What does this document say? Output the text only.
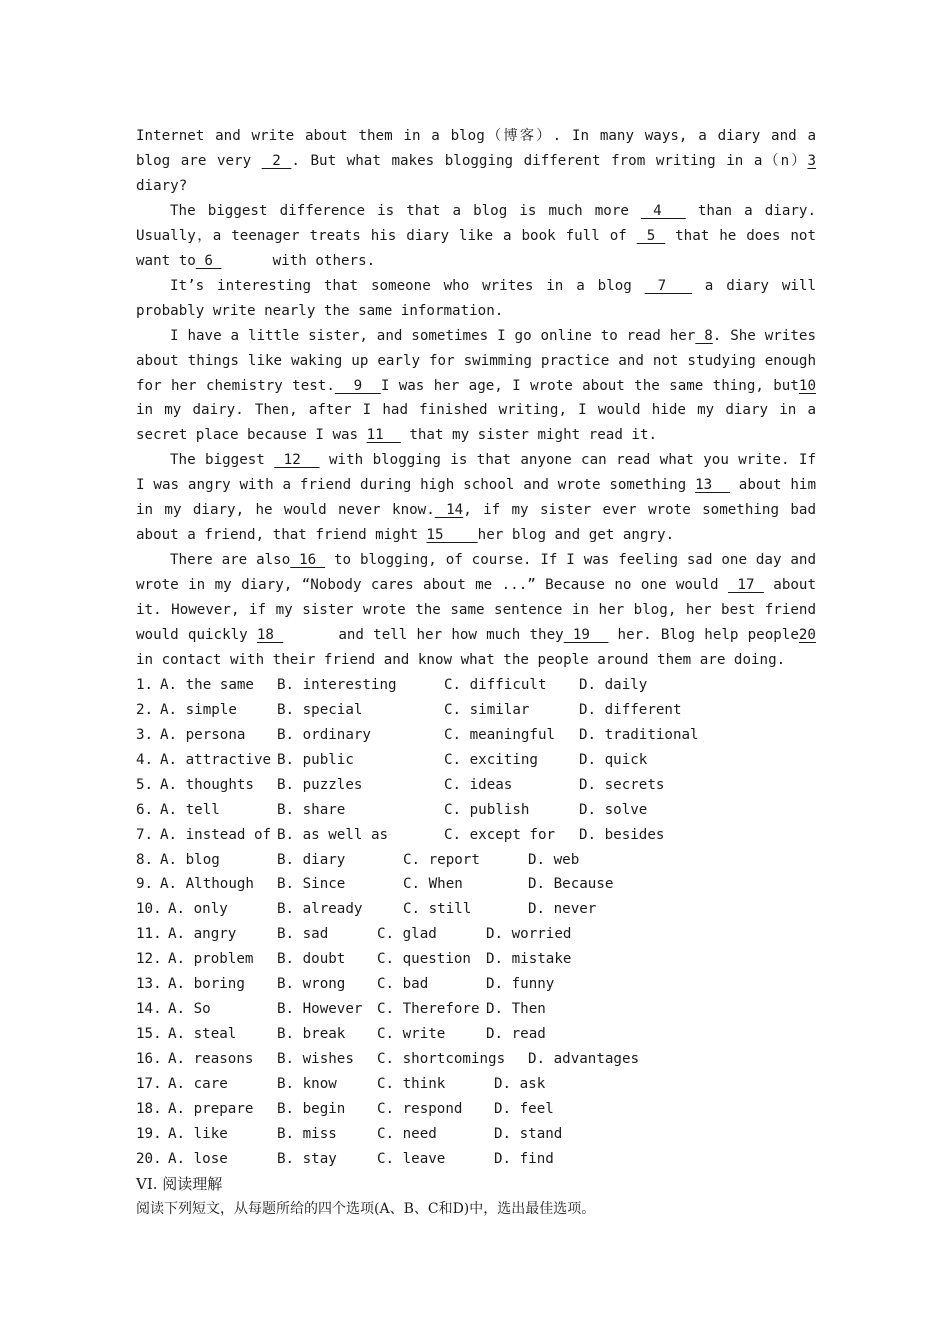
Internet and write about them in a blog（博客）. In many ways, a diary and a blog are very  2 . But what makes blogging different from writing in a（n）3 diary?

The biggest difference is that a blog is much more  4   than a diary. Usually，a teenager treats his diary like a book full of  5  that he does not want to 6       with others.

It’s interesting that someone who writes in a blog  7   a diary will probably write nearly the same information.

I have a little sister, and sometimes I go online to read her 8. She writes about things like waking up early for swimming practice and not studying enough for her chemistry test.  9  I was her age, I wrote about the same thing, but10 in my dairy. Then, after I had finished writing, I would hide my diary in a secret place because I was 11   that my sister might read it.

The biggest  12   with blogging is that anyone can read what you write. If I was angry with a friend during high school and wrote something 13   about him in my diary, he would never know. 14, if my sister ever wrote something bad about a friend, that friend might 15    her blog and get angry.

There are also 16  to blogging, of course. If I was feeling sad one day and wrote in my diary, “Nobody cares about me ...” Because no one would  17  about it. However, if my sister wrote the same sentence in her blog, her best friend would quickly 18       and tell her how much they 19   her. Blog help people20 in contact with their friend and know what the people around them are doing.

1. A. the same B. interesting	C. difficult D. daily
2. A. simple	B. special	C. similar	D. different
3. A. persona B. ordinary	C. meaningful D. traditional
4. A. attractive B. public	C. exciting	D. quick
5. A. thoughts B. puzzles	C. ideas	D. secrets
6. A. tell	B. share	C. publish	D. solve
7. A. instead of B. as well as	C. except for D. besides
8. A. blog	B. diary	C. report	D. web
9. A. Although B. Since	C. When	D. Because
10. A. only	B. already	C. still	D. never
11. A. angry	B. sad	C. glad	D. worried
12. A. problem B. doubt C. question D. mistake
13. A. boring B. wrong C. bad	D. funny
14. A. So	B. However C. Therefore D. Then
15. A. steal	B. break C. write	D. read
16. A. reasons B. wishes C. shortcomings D. advantages
17. A. care	B. know	C. think	D. ask
18. A. prepare B. begin C. respond D. feel
19. A. like	B. miss	C. need	D. stand
20. A. lose	B. stay	C. leave	D. find
VI. 阅读理解
阅读下列短文，从每题所给的四个选项(A、B、C和D)中，选出最佳选项。
